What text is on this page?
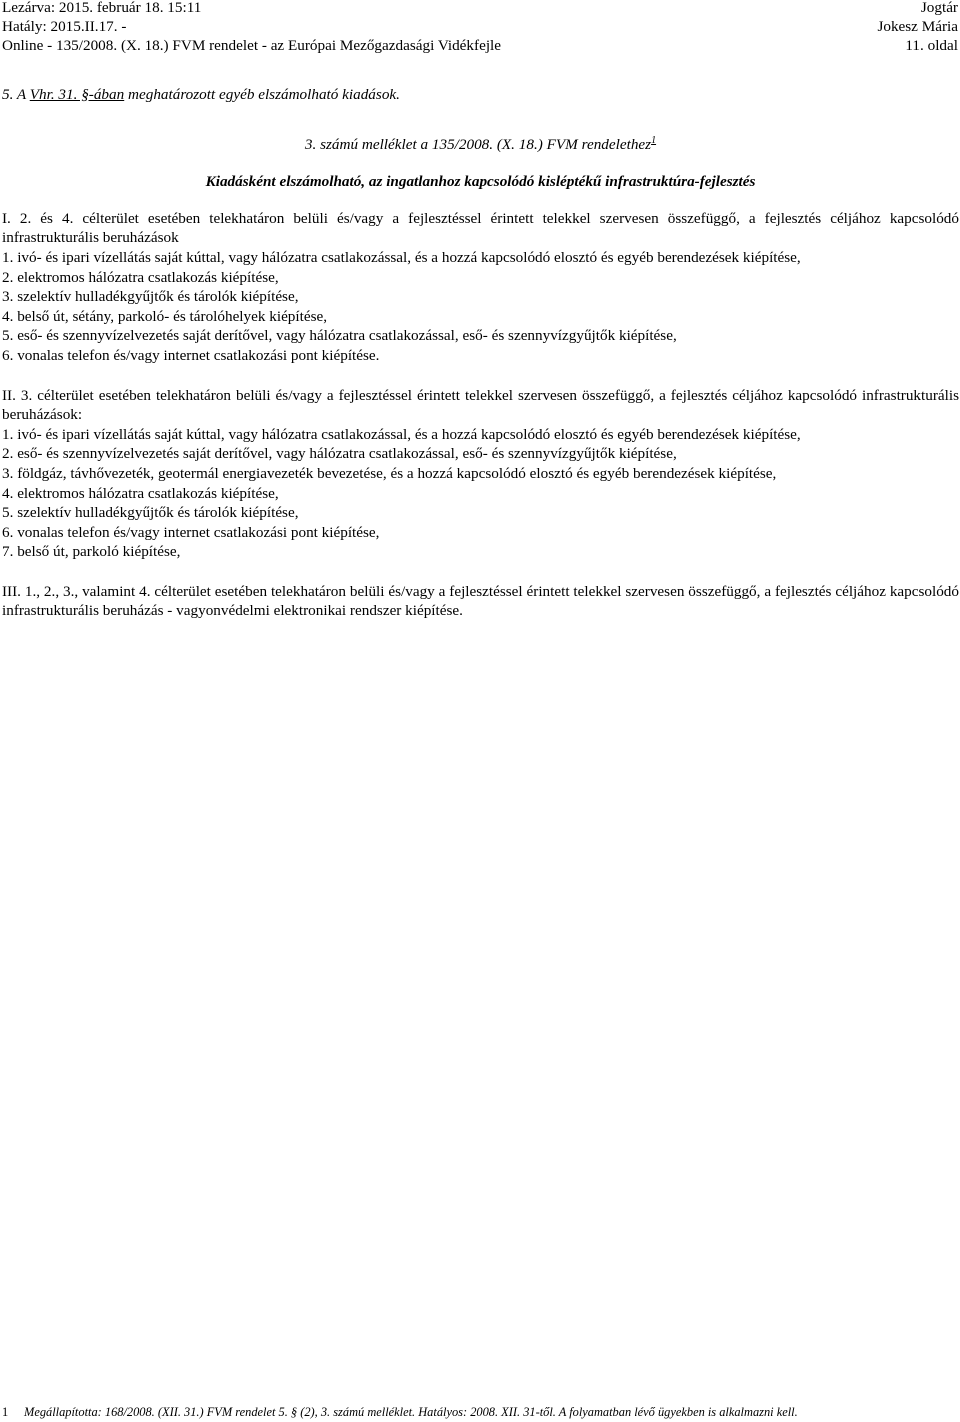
Lezárva: 2015. február 18. 15:11
Hatály: 2015.II.17. -
Online - 135/2008. (X. 18.) FVM rendelet - az Európai Mezőgazdasági Vidékfejle
Jogtár
Jokesz Mária
11. oldal

5. A Vhr. 31. §-ában meghatározott egyéb elszámolható kiadások.

3. számú melléklet a 135/2008. (X. 18.) FVM rendelethez$^1$

Kiadásként elszámolható, az ingatlanhoz kapcsolódó kisléptékű infrastruktúra-fejlesztés

I. 2. és 4. célterület esetében telekhatáron belüli és/vagy a fejlesztéssel érintett telekkel szervesen összefüggő, a fejlesztés céljához kapcsolódó infrastrukturális beruházások

1. ivó- és ipari vízellátás saját kúttal, vagy hálózatra csatlakozással, és a hozzá kapcsolódó elosztó és egyéb berendezések kiépítése,

2. elektromos hálózatra csatlakozás kiépítése,

3. szelektív hulladékgyűjtők és tárolók kiépítése,

4. belső út, sétány, parkoló- és tárolóhelyek kiépítése,

5. eső- és szennyvízelvezetés saját derítővel, vagy hálózatra csatlakozással, eső- és szennyvízgyűjtők kiépítése,

6. vonalas telefon és/vagy internet csatlakozási pont kiépítése.

II. 3. célterület esetében telekhatáron belüli és/vagy a fejlesztéssel érintett telekkel szervesen összefüggő, a fejlesztés céljához kapcsolódó infrastrukturális beruházások:

1. ivó- és ipari vízellátás saját kúttal, vagy hálózatra csatlakozással, és a hozzá kapcsolódó elosztó és egyéb berendezések kiépítése,

2. eső- és szennyvízelvezetés saját derítővel, vagy hálózatra csatlakozással, eső- és szennyvízgyűjtők kiépítése,

3. földgáz, távhővezeték, geotermál energiavezeték bevezetése, és a hozzá kapcsolódó elosztó és egyéb berendezések kiépítése,

4. elektromos hálózatra csatlakozás kiépítése,

5. szelektív hulladékgyűjtők és tárolók kiépítése,

6. vonalas telefon és/vagy internet csatlakozási pont kiépítése,

7. belső út, parkoló kiépítése,

III. 1., 2., 3., valamint 4. célterület esetében telekhatáron belüli és/vagy a fejlesztéssel érintett telekkel szervesen összefüggő, a fejlesztés céljához kapcsolódó infrastrukturális beruházás - vagyonvédelmi elektronikai rendszer kiépítése.

1 Megállapította: 168/2008. (XII. 31.) FVM rendelet 5. § (2), 3. számú melléklet. Hatályos: 2008. XII. 31-től. A folyamatban lévő ügyekben is alkalmazni kell.
